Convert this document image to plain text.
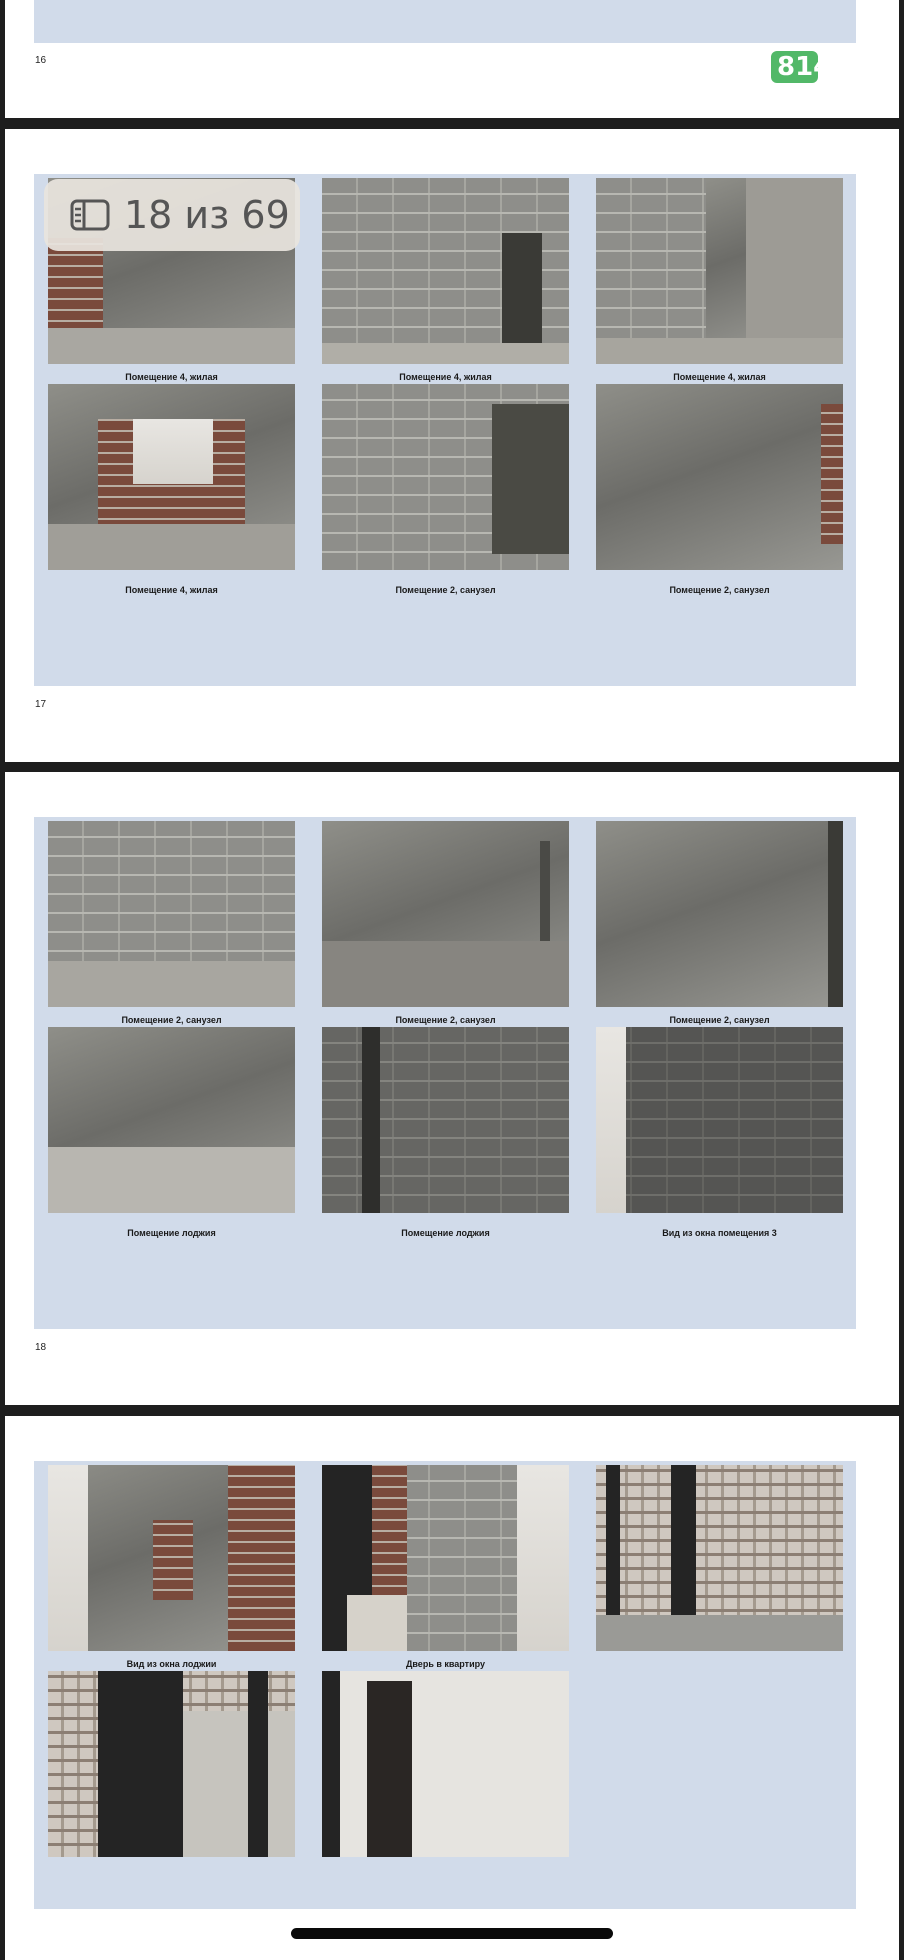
16	814
Помещение 4, жилая	Помещение 4, жилая	Помещение 4, жилая
Помещение 4, жилая	Помещение 2, санузел	Помещение 2, санузел
17
Помещение 2, санузел	Помещение 2, санузел	Помещение 2, санузел
Помещение лоджия	Помещение лоджия	Вид из окна помещения 3
18
Вид из окна лоджии	Дверь в квартиру
18 из 69
